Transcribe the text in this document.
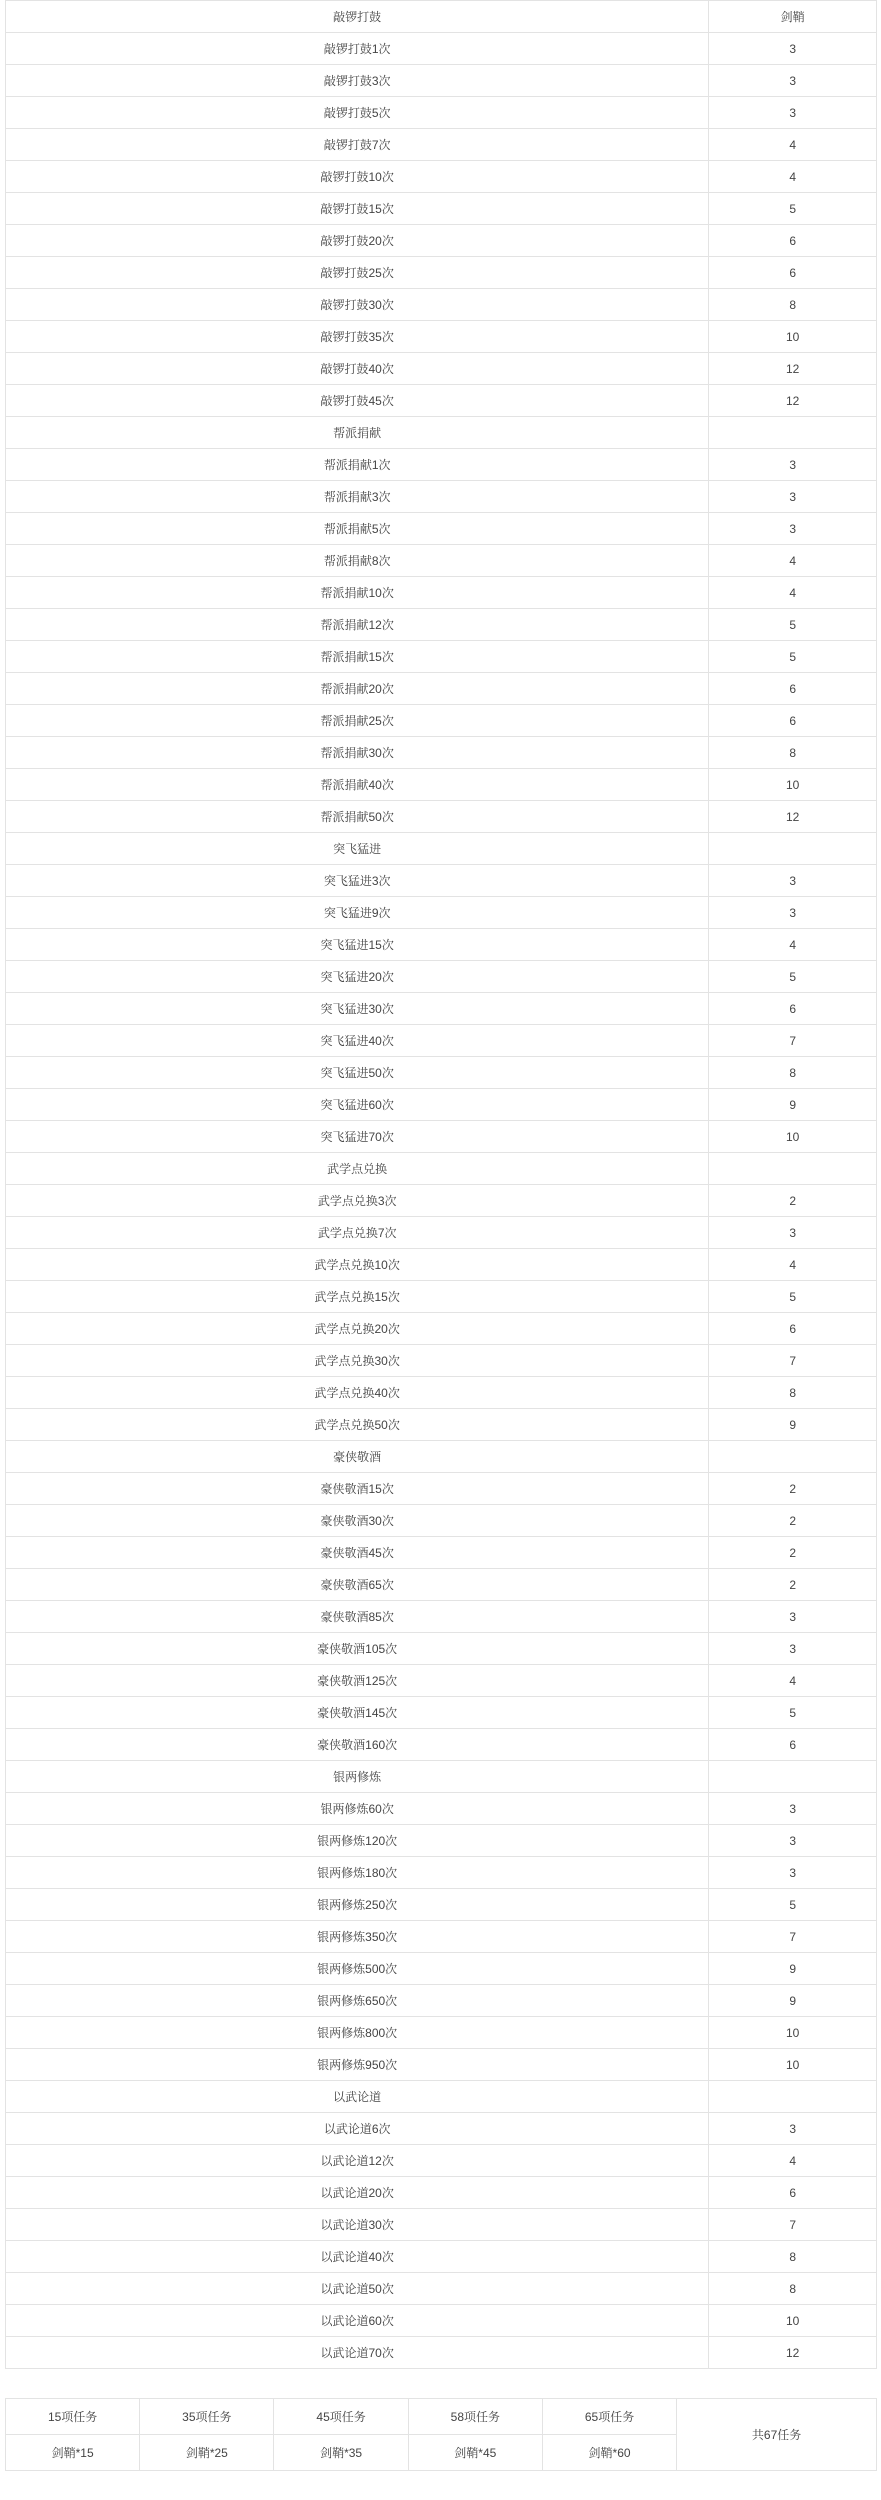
敲锣打鼓	剑鞘
敲锣打鼓1次	3
敲锣打鼓3次	3
敲锣打鼓5次	3
敲锣打鼓7次	4
敲锣打鼓10次	4
敲锣打鼓15次	5
敲锣打鼓20次	6
敲锣打鼓25次	6
敲锣打鼓30次	8
敲锣打鼓35次	10
敲锣打鼓40次	12
敲锣打鼓45次	12
帮派捐献	
帮派捐献1次	3
帮派捐献3次	3
帮派捐献5次	3
帮派捐献8次	4
帮派捐献10次	4
帮派捐献12次	5
帮派捐献15次	5
帮派捐献20次	6
帮派捐献25次	6
帮派捐献30次	8
帮派捐献40次	10
帮派捐献50次	12
突飞猛进	
突飞猛进3次	3
突飞猛进9次	3
突飞猛进15次	4
突飞猛进20次	5
突飞猛进30次	6
突飞猛进40次	7
突飞猛进50次	8
突飞猛进60次	9
突飞猛进70次	10
武学点兑换	
武学点兑换3次	2
武学点兑换7次	3
武学点兑换10次	4
武学点兑换15次	5
武学点兑换20次	6
武学点兑换30次	7
武学点兑换40次	8
武学点兑换50次	9
豪侠敬酒	
豪侠敬酒15次	2
豪侠敬酒30次	2
豪侠敬酒45次	2
豪侠敬酒65次	2
豪侠敬酒85次	3
豪侠敬酒105次	3
豪侠敬酒125次	4
豪侠敬酒145次	5
豪侠敬酒160次	6
银两修炼	
银两修炼60次	3
银两修炼120次	3
银两修炼180次	3
银两修炼250次	5
银两修炼350次	7
银两修炼500次	9
银两修炼650次	9
银两修炼800次	10
银两修炼950次	10
以武论道	
以武论道6次	3
以武论道12次	4
以武论道20次	6
以武论道30次	7
以武论道40次	8
以武论道50次	8
以武论道60次	10
以武论道70次	12
15项任务	35项任务	45项任务	58项任务	65项任务	共67任务
剑鞘*15	剑鞘*25	剑鞘*35	剑鞘*45	剑鞘*60	
